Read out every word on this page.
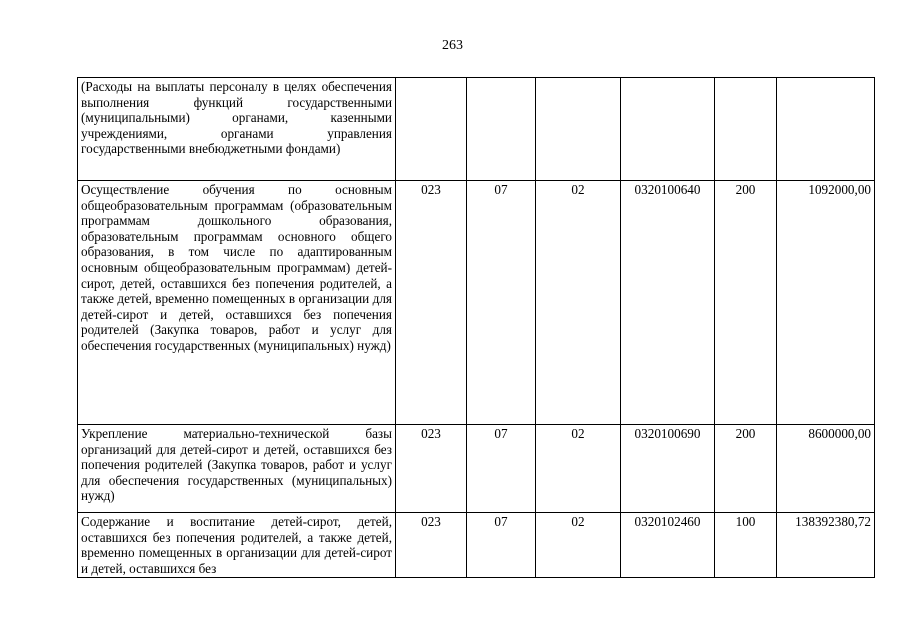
263
(Расходы на выплаты персоналу в целях обеспечения выполнения функций государственными (муниципальными) органами, казенными учреждениями, органами управления государственными внебюджетными фондами)						
Осуществление обучения по основным общеобразовательным программам (образовательным программам дошкольного образования, образовательным программам основного общего образования, в том числе по адаптированным основным общеобразовательным программам) детей-сирот, детей, оставшихся без попечения родителей, а также детей, временно помещенных в организации для детей-сирот и детей, оставшихся без попечения родителей (Закупка товаров, работ и услуг для обеспечения государственных (муниципальных) нужд)	023	07	02	0320100640	200	1092000,00
Укрепление материально-технической базы организаций для детей-сирот и детей, оставшихся без попечения родителей (Закупка товаров, работ и услуг для обеспечения государственных (муниципальных) нужд)	023	07	02	0320100690	200	8600000,00
Содержание и воспитание детей-сирот, детей, оставшихся без попечения родителей, а также детей, временно помещенных в организации для детей-сирот и детей, оставшихся без	023	07	02	0320102460	100	138392380,72
